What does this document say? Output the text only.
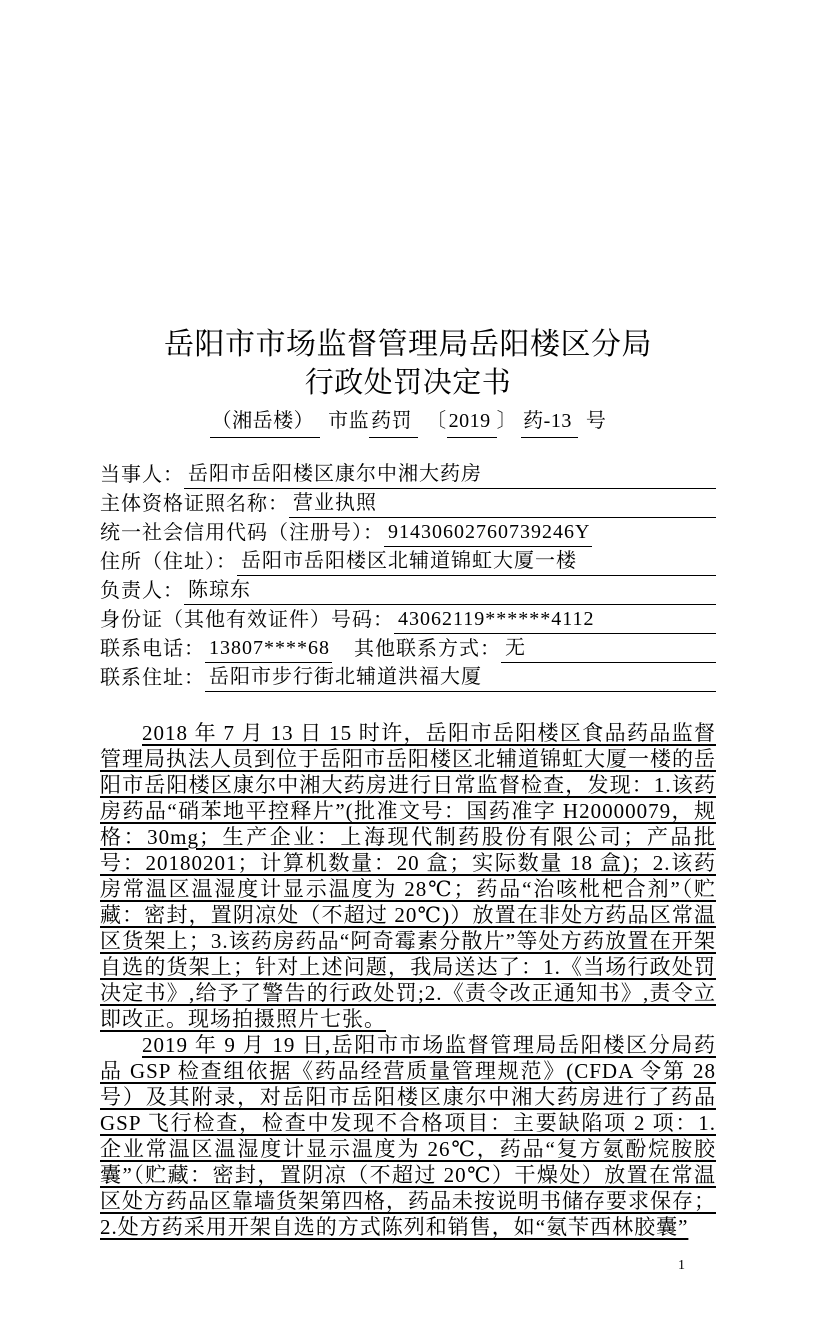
岳阳市市场监督管理局岳阳楼区分局
行政处罚决定书
（湘岳楼） 市监 药罚 〔 2019 〕 药-13 号
当事人： 岳阳市岳阳楼区康尔中湘大药房
主体资格证照名称： 营业执照
统一社会信用代码（注册号）： 91430602760739246Y
住所（住址）： 岳阳市岳阳楼区北辅道锦虹大厦一楼
负责人： 陈琼东
身份证（其他有效证件）号码： 43062119******4112
联系电话： 13807****68 其他联系方式： 无
联系住址： 岳阳市步行街北辅道洪福大厦

2018 年 7 月 13 日 15 时许，岳阳市岳阳楼区食品药品监督管理局执法人员到位于岳阳市岳阳楼区北辅道锦虹大厦一楼的岳阳市岳阳楼区康尔中湘大药房进行日常监督检查，发现：1.该药房药品“硝苯地平控释片”(批准文号：国药准字 H20000079，规格：30mg；生产企业：上海现代制药股份有限公司；产品批号：20180201；计算机数量：20 盒；实际数量 18 盒)；2.该药房常温区温湿度计显示温度为 28℃；药品“治咳枇杷合剂”（贮藏：密封，置阴凉处（不超过 20℃)）放置在非处方药品区常温区货架上；3.该药房药品“阿奇霉素分散片”等处方药放置在开架自选的货架上；针对上述问题，我局送达了：1.《当场行政处罚决定书》,给予了警告的行政处罚;2.《责令改正通知书》,责令立即改正。现场拍摄照片七张。

2019 年 9 月 19 日,岳阳市市场监督管理局岳阳楼区分局药品 GSP 检查组依据《药品经营质量管理规范》(CFDA 令第 28 号）及其附录，对岳阳市岳阳楼区康尔中湘大药房进行了药品 GSP 飞行检查，检查中发现不合格项目：主要缺陷项 2 项：1.企业常温区温湿度计显示温度为 26℃，药品“复方氨酚烷胺胶囊”（贮藏：密封，置阴凉（不超过 20℃）干燥处）放置在常温区处方药品区靠墙货架第四格，药品未按说明书储存要求保存；2.处方药采用开架自选的方式陈列和销售，如“氨苄西林胶囊”

1
